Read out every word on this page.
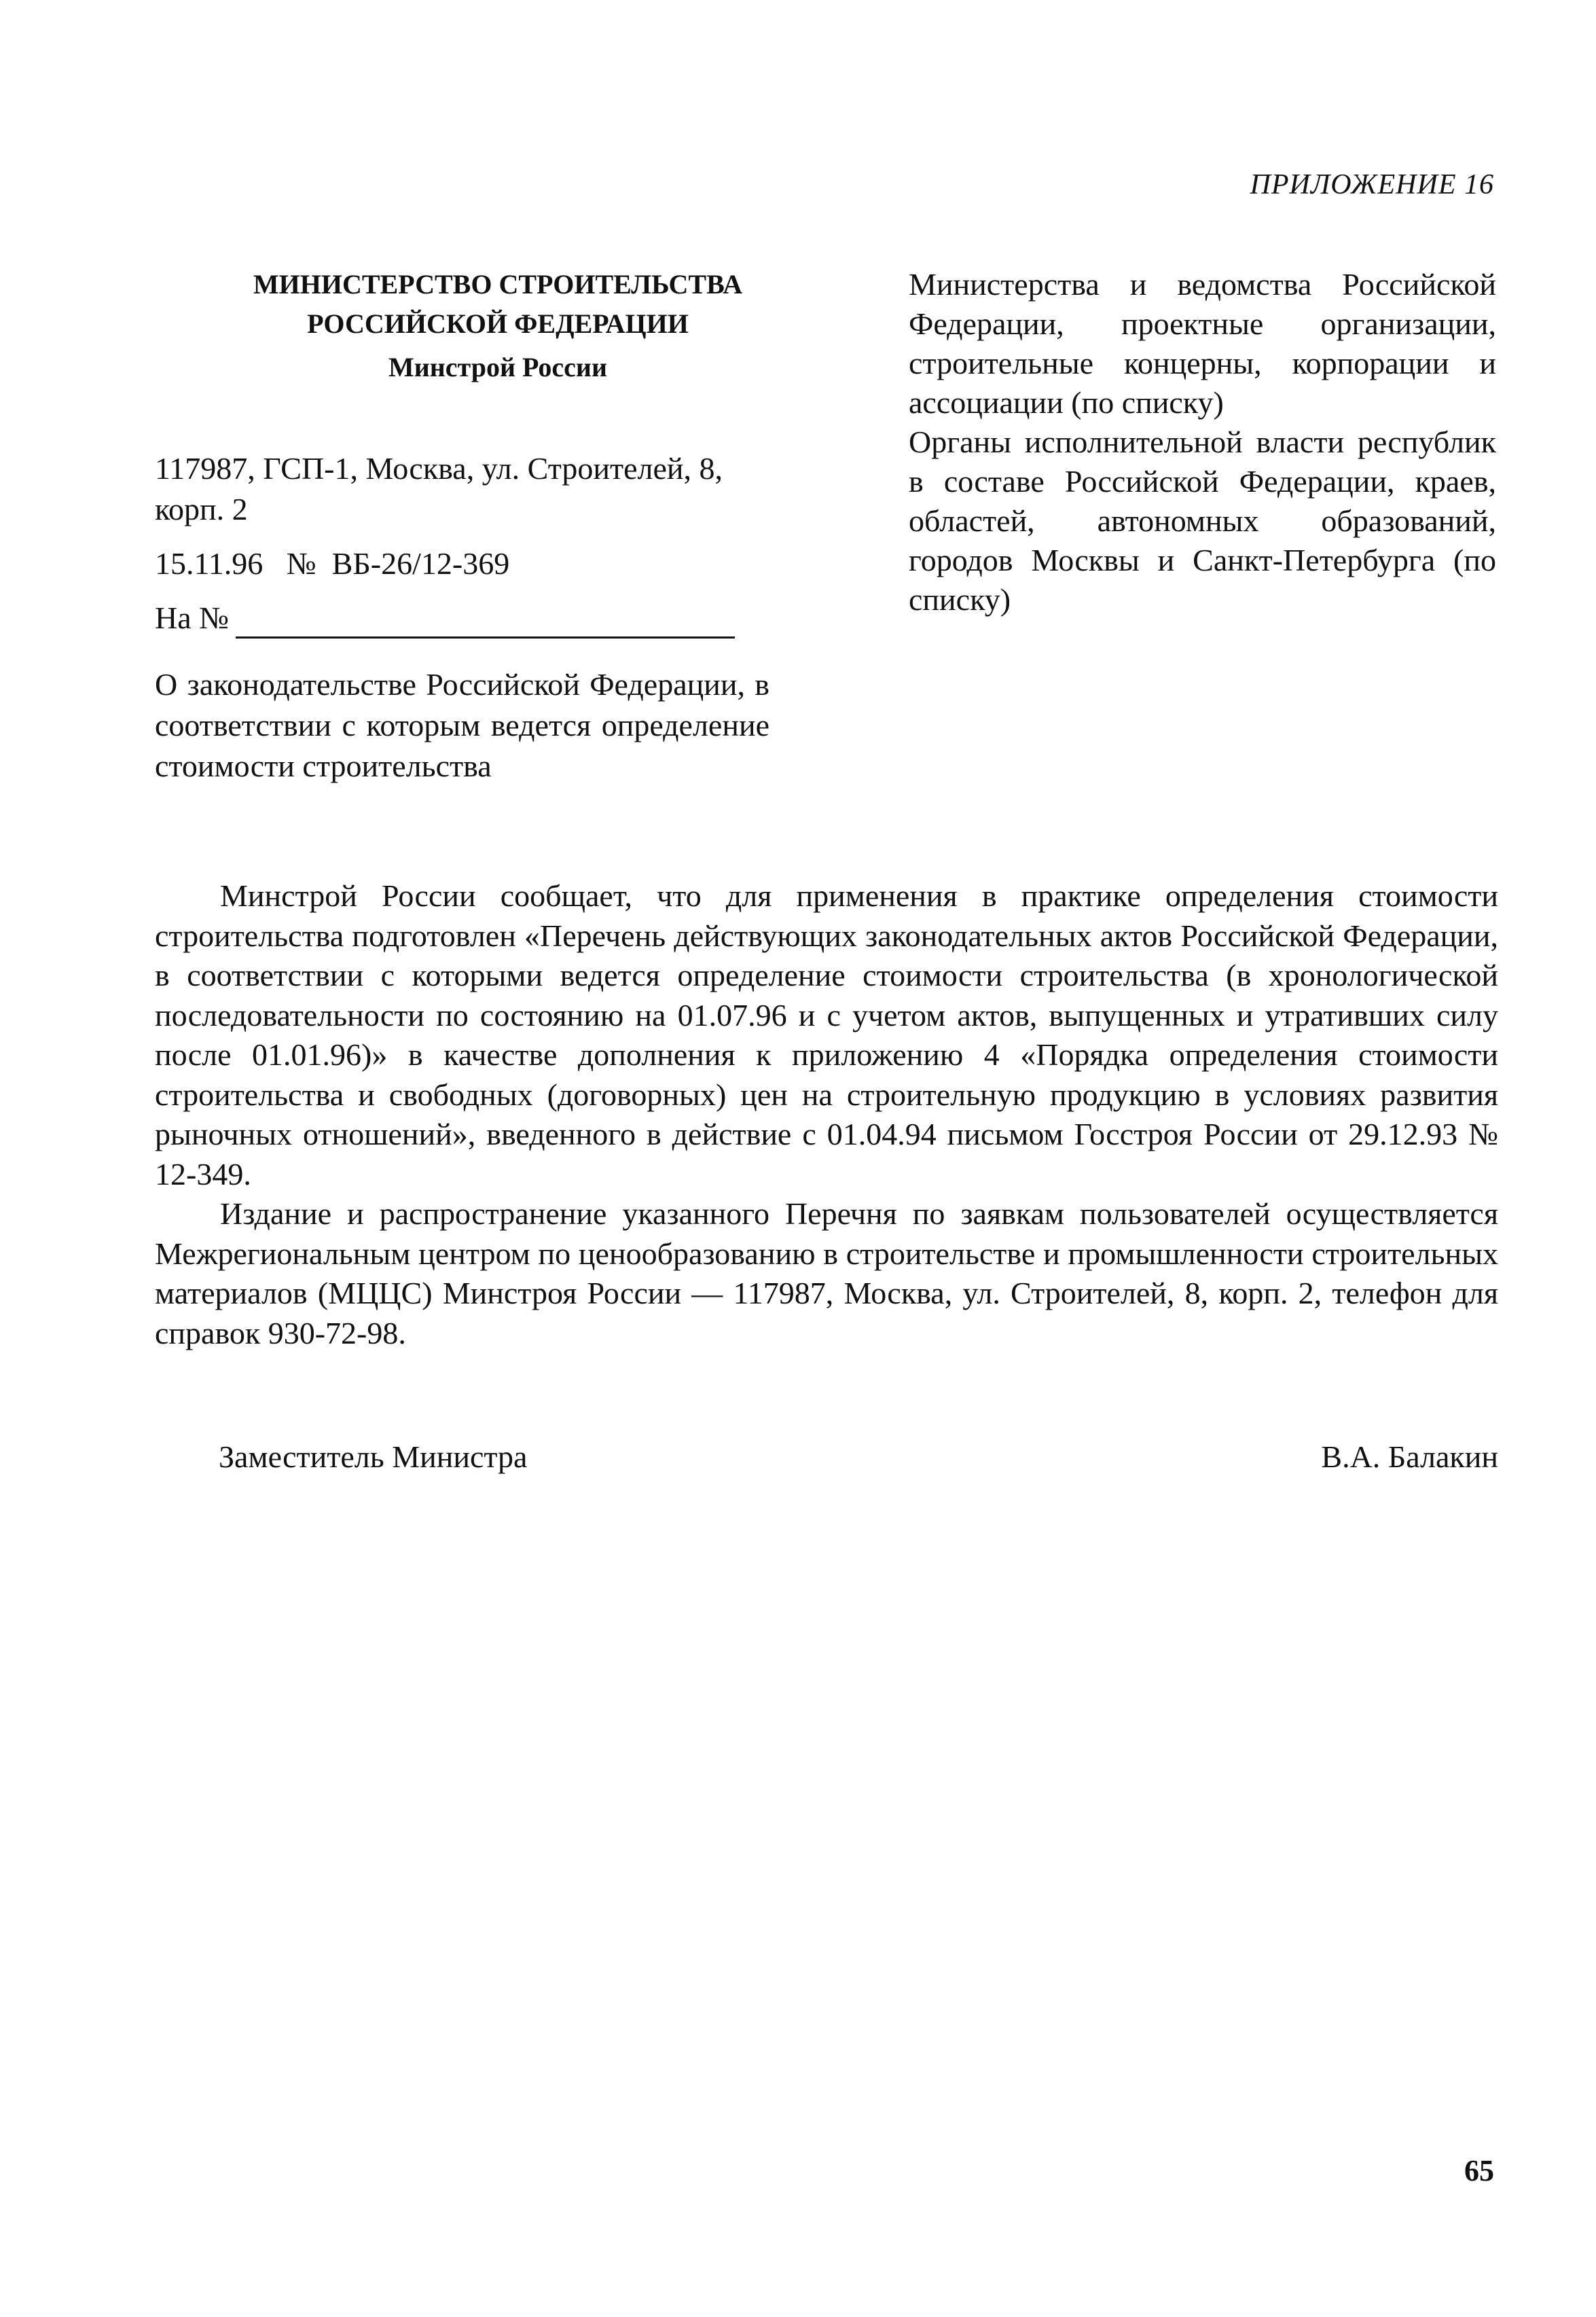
ПРИЛОЖЕНИЕ 16
МИНИСТЕРСТВО СТРОИТЕЛЬСТВА
РОССИЙСКОЙ ФЕДЕРАЦИИ
Минстрой России
117987, ГСП-1, Москва, ул. Строителей, 8, корп. 2
15.11.96   №  ВБ-26/12-369
На №
О законодательстве Российской Федерации, в соответствии с которым ведется определение стоимости строительства

Министерства и ведомства Российской Федерации, проектные организации, строительные концерны, корпорации и ассоциации (по списку)

Органы исполнительной власти республик в составе Российской Федерации, краев, областей, автономных образований, городов Москвы и Санкт-Петербурга (по списку)

Минстрой России сообщает, что для применения в практике определения стоимости строительства подготовлен «Перечень действующих законодательных актов Российской Федерации, в соответствии с которыми ведется определение стоимости строительства (в хронологической последовательности по состоянию на 01.07.96 и с учетом актов, выпущенных и утративших силу после 01.01.96)» в качестве дополнения к приложению 4 «Порядка определения стоимости строительства и свободных (договорных) цен на строительную продукцию в условиях развития рыночных отношений», введенного в действие с 01.04.94 письмом Госстроя России от 29.12.93 № 12-349.

Издание и распространение указанного Перечня по заявкам пользователей осуществляется Межрегиональным центром по ценообразованию в строительстве и промышленности строительных материалов (МЦЦС) Минстроя России — 117987, Москва, ул. Строителей, 8, корп. 2, телефон для справок 930-72-98.

Заместитель Министра	В.А. Балакин
65
